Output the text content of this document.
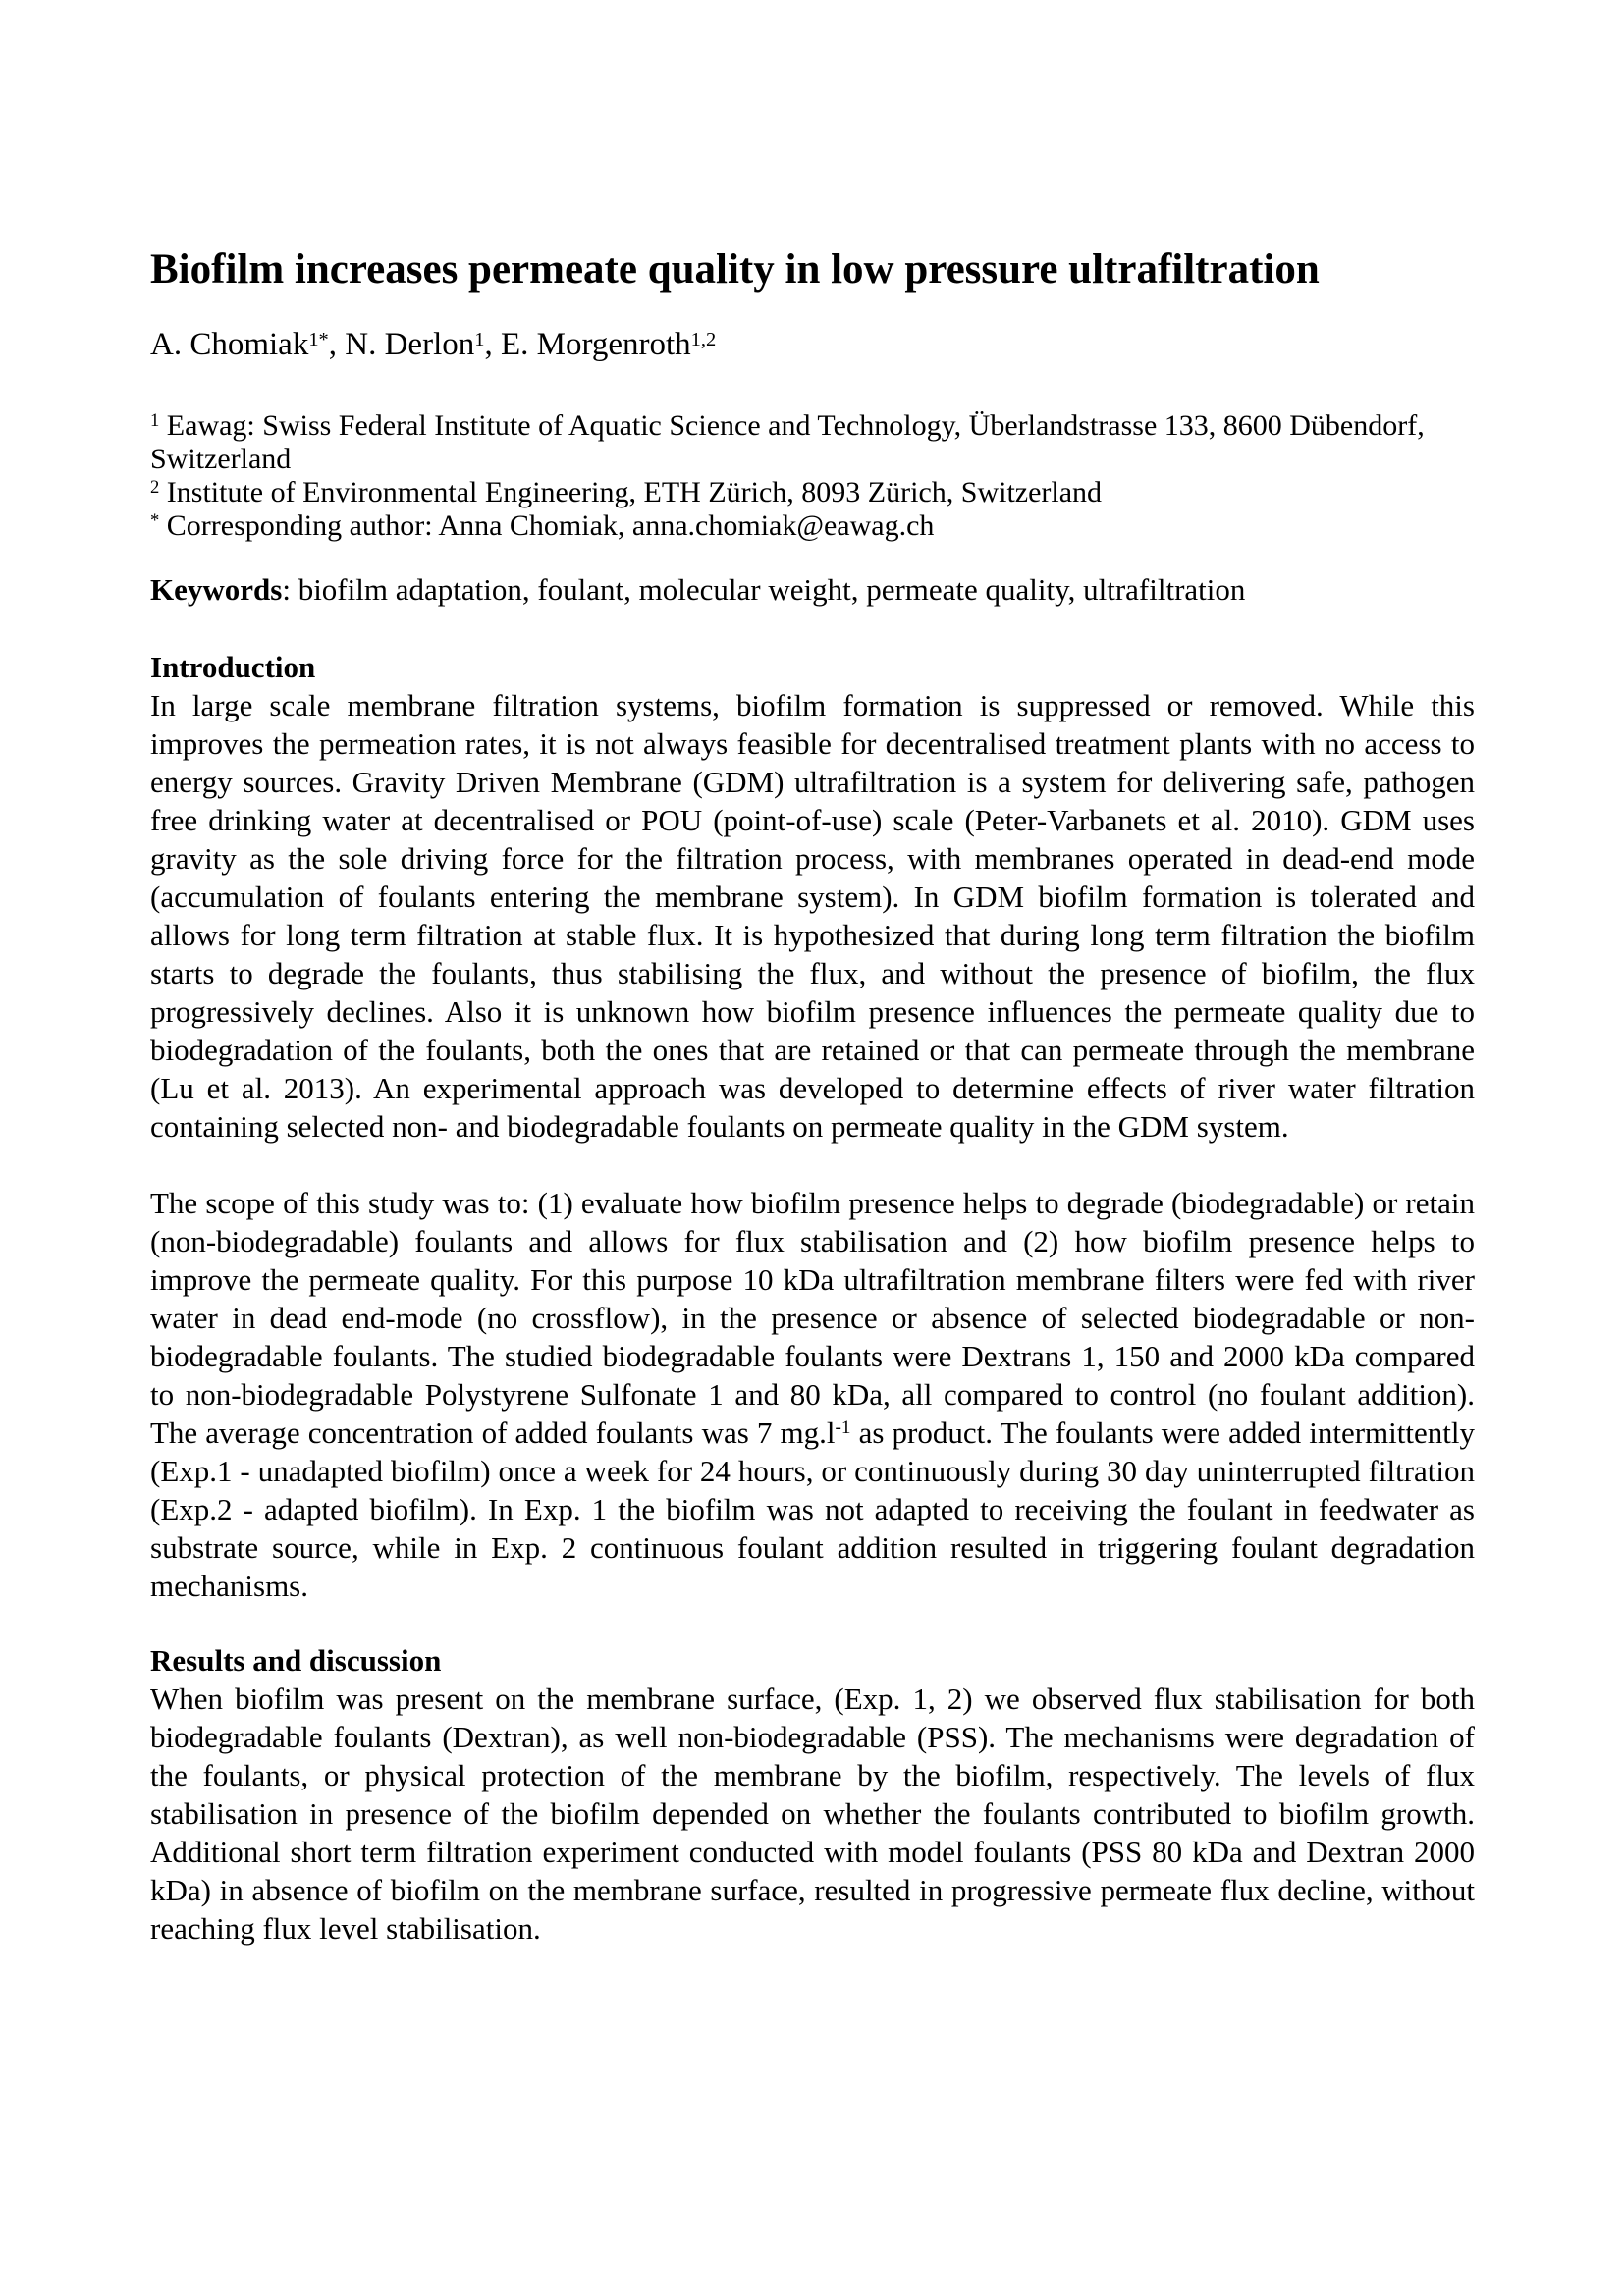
Biofilm increases permeate quality in low pressure ultrafiltration
A. Chomiak$^{1*}$, N. Derlon$^1$, E. Morgenroth$^{1,2}$
$^1$ Eawag: Swiss Federal Institute of Aquatic Science and Technology, Überlandstrasse 133, 8600 Dübendorf, Switzerland
$^2$ Institute of Environmental Engineering, ETH Zürich, 8093 Zürich, Switzerland
* Corresponding author: Anna Chomiak, anna.chomiak@eawag.ch
Keywords: biofilm adaptation, foulant, molecular weight, permeate quality, ultrafiltration
Introduction

In large scale membrane filtration systems, biofilm formation is suppressed or removed. While this improves the permeation rates, it is not always feasible for decentralised treatment plants with no access to energy sources. Gravity Driven Membrane (GDM) ultrafiltration is a system for delivering safe, pathogen free drinking water at decentralised or POU (point-of-use) scale (Peter-Varbanets et al. 2010). GDM uses gravity as the sole driving force for the filtration process, with membranes operated in dead-end mode (accumulation of foulants entering the membrane system). In GDM biofilm formation is tolerated and allows for long term filtration at stable flux. It is hypothesized that during long term filtration the biofilm starts to degrade the foulants, thus stabilising the flux, and without the presence of biofilm, the flux progressively declines. Also it is unknown how biofilm presence influences the permeate quality due to biodegradation of the foulants, both the ones that are retained or that can permeate through the membrane (Lu et al. 2013). An experimental approach was developed to determine effects of river water filtration containing selected non- and biodegradable foulants on permeate quality in the GDM system.

The scope of this study was to: (1) evaluate how biofilm presence helps to degrade (biodegradable) or retain (non-biodegradable) foulants and allows for flux stabilisation and (2) how biofilm presence helps to improve the permeate quality. For this purpose 10 kDa ultrafiltration membrane filters were fed with river water in dead end-mode (no crossflow), in the presence or absence of selected biodegradable or non-biodegradable foulants. The studied biodegradable foulants were Dextrans 1, 150 and 2000 kDa compared to non-biodegradable Polystyrene Sulfonate 1 and 80 kDa, all compared to control (no foulant addition). The average concentration of added foulants was 7 $mg.l^{-1}$ as product. The foulants were added intermittently (Exp.1 - unadapted biofilm) once a week for 24 hours, or continuously during 30 day uninterrupted filtration (Exp.2 - adapted biofilm). In Exp. 1 the biofilm was not adapted to receiving the foulant in feedwater as substrate source, while in Exp. 2 continuous foulant addition resulted in triggering foulant degradation mechanisms.

Results and discussion

When biofilm was present on the membrane surface, (Exp. 1, 2) we observed flux stabilisation for both biodegradable foulants (Dextran), as well non-biodegradable (PSS). The mechanisms were degradation of the foulants, or physical protection of the membrane by the biofilm, respectively. The levels of flux stabilisation in presence of the biofilm depended on whether the foulants contributed to biofilm growth. Additional short term filtration experiment conducted with model foulants (PSS 80 kDa and Dextran 2000 kDa) in absence of biofilm on the membrane surface, resulted in progressive permeate flux decline, without reaching flux level stabilisation.
